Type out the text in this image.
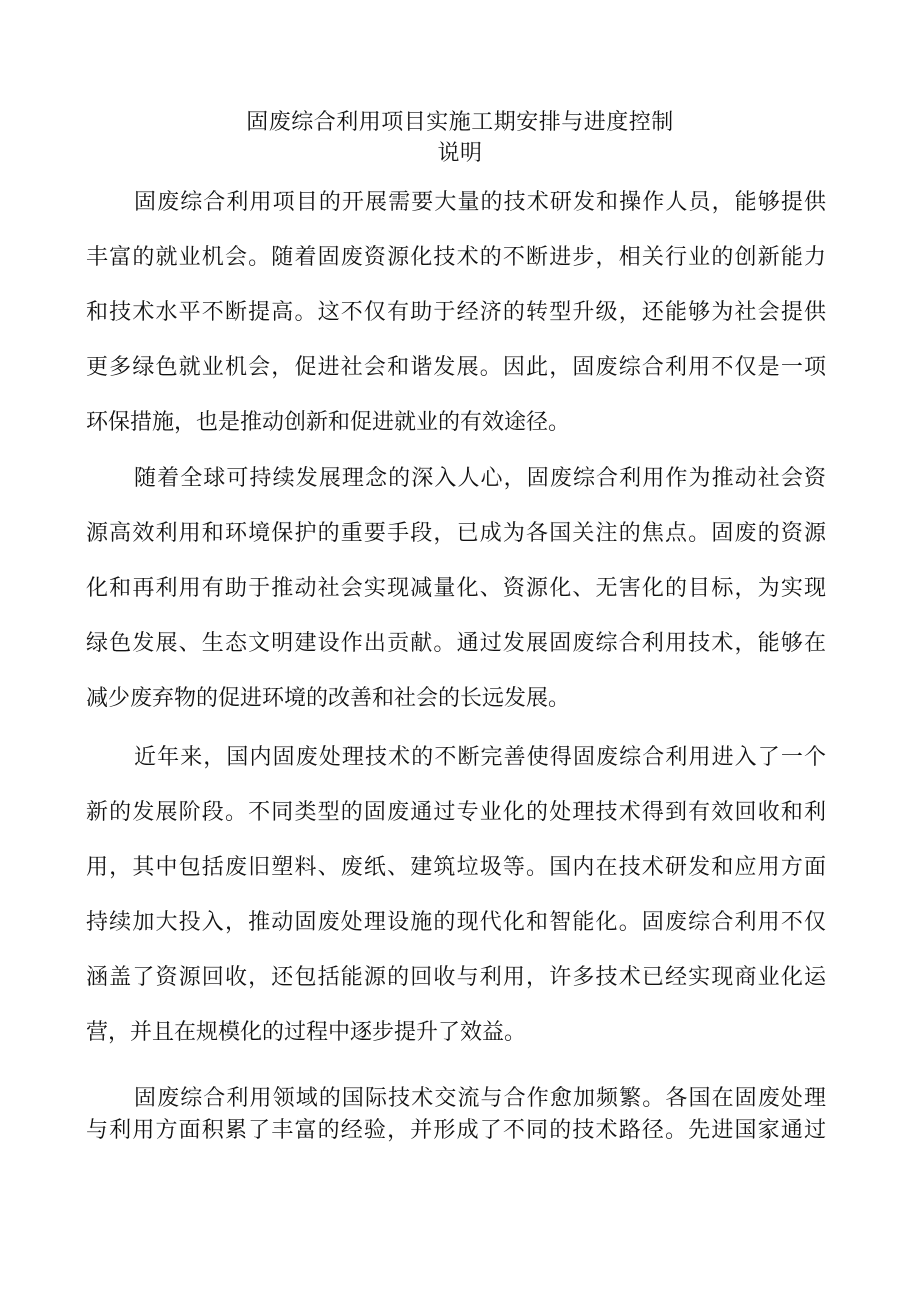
固废综合利用项目实施工期安排与进度控制
说明
固废综合利用项目的开展需要大量的技术研发和操作人员，能够提供
丰富的就业机会。随着固废资源化技术的不断进步，相关行业的创新能力
和技术水平不断提高。这不仅有助于经济的转型升级，还能够为社会提供
更多绿色就业机会，促进社会和谐发展。因此，固废综合利用不仅是一项
环保措施，也是推动创新和促进就业的有效途径。
随着全球可持续发展理念的深入人心，固废综合利用作为推动社会资
源高效利用和环境保护的重要手段，已成为各国关注的焦点。固废的资源
化和再利用有助于推动社会实现减量化、资源化、无害化的目标，为实现
绿色发展、生态文明建设作出贡献。通过发展固废综合利用技术，能够在
减少废弃物的促进环境的改善和社会的长远发展。
近年来，国内固废处理技术的不断完善使得固废综合利用进入了一个
新的发展阶段。不同类型的固废通过专业化的处理技术得到有效回收和利
用，其中包括废旧塑料、废纸、建筑垃圾等。国内在技术研发和应用方面
持续加大投入，推动固废处理设施的现代化和智能化。固废综合利用不仅
涵盖了资源回收，还包括能源的回收与利用，许多技术已经实现商业化运
营，并且在规模化的过程中逐步提升了效益。
固废综合利用领域的国际技术交流与合作愈加频繁。各国在固废处理
与利用方面积累了丰富的经验，并形成了不同的技术路径。先进国家通过
